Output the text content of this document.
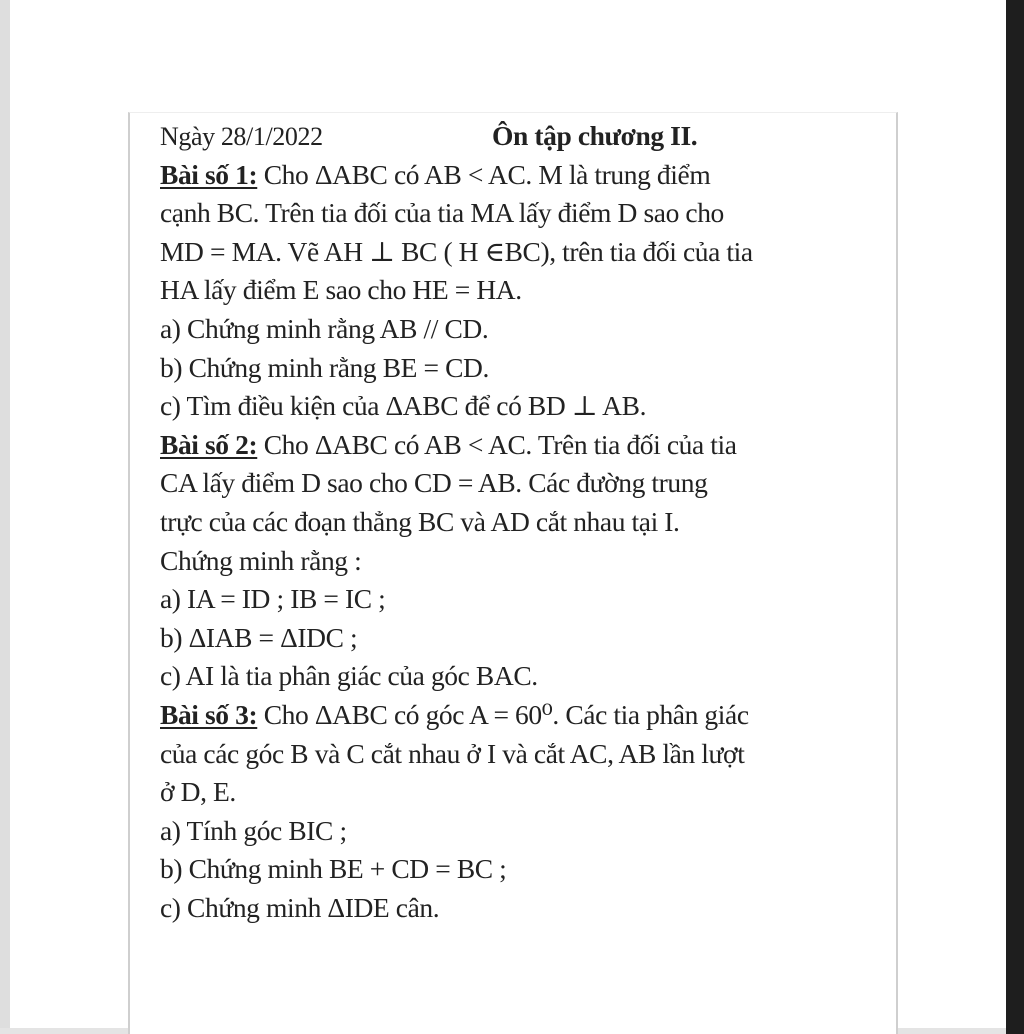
Ngày 28/1/2022	Ôn tập chương II.
Bài số 1: Cho ΔABC có AB < AC. M là trung điểm
cạnh BC. Trên tia đối của tia MA lấy điểm D sao cho
MD = MA. Vẽ AH ⊥ BC ( H ∈BC), trên tia đối của tia
HA lấy điểm E sao cho HE = HA.
a) Chứng minh rằng AB // CD.
b) Chứng minh rằng BE = CD.
c) Tìm điều kiện của ΔABC để có BD ⊥ AB.
Bài số 2: Cho ΔABC có AB < AC. Trên tia đối của tia
CA lấy điểm D sao cho CD = AB. Các đường trung
trực của các đoạn thẳng BC và AD cắt nhau tại I.
Chứng minh rằng :
a) IA = ID ; IB = IC ;
b) ΔIAB = ΔIDC ;
c) AI là tia phân giác của góc BAC.
Bài số 3: Cho ΔABC có góc A = 60⁰. Các tia phân giác
của các góc B và C cắt nhau ở I và cắt AC, AB lần lượt
ở D, E.
a) Tính góc BIC ;
b) Chứng minh BE + CD = BC ;
c) Chứng minh ΔIDE cân.
